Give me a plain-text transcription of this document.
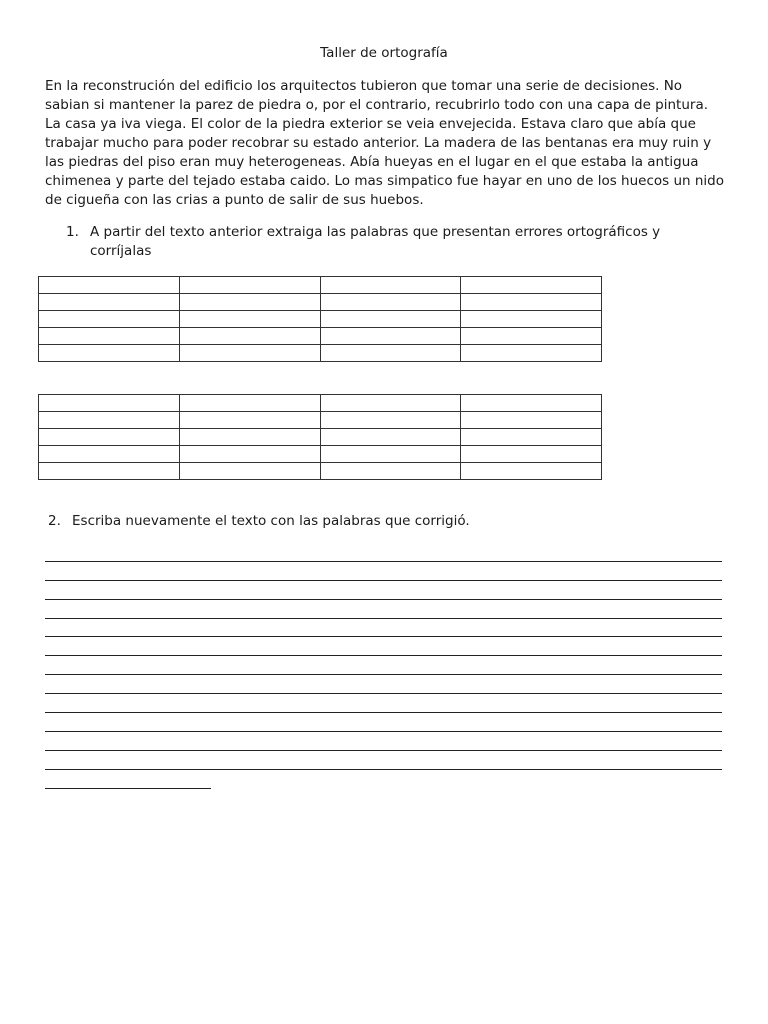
Taller de ortografía
En la reconstrución del edificio los arquitectos tubieron que tomar una serie de decisiones. No sabian si mantener la parez de piedra o, por el contrario, recubrirlo todo con una capa de pintura. La casa ya iva viega. El color de la piedra exterior se veia envejecida. Estava claro que abía que trabajar mucho para poder recobrar su estado anterior. La madera de las bentanas era muy ruin y las piedras del piso eran muy heterogeneas. Abía hueyas en el lugar en el que estaba la antigua chimenea y parte del tejado estaba caido. Lo mas simpatico fue hayar en uno de los huecos un nido de cigueña con las crias a punto de salir de sus huebos.
1. A partir del texto anterior extraiga las palabras que presentan errores ortográficos y corríjalas

2. Escriba nuevamente el texto con las palabras que corrigió.
